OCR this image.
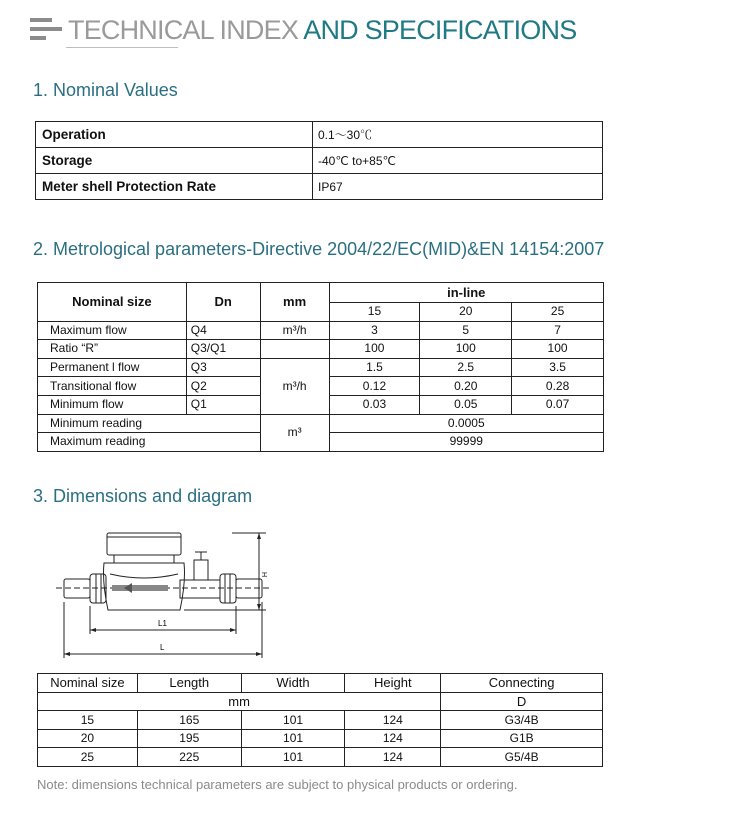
TECHNICAL INDEX AND SPECIFICATIONS
1. Nominal Values
Operation	0.1～30℃
Storage	-40℃ to+85℃
Meter shell Protection Rate	IP67
2. Metrological parameters-Directive 2004/22/EC(MID)&EN 14154:2007
Nominal size	Dn	mm	in-line		
			15	20	25
Maximum flow	Q4	m³/h	3	5	7
Ratio “R”	Q3/Q1		100	100	100
Permanent l flow	Q3	m³/h	1.5	2.5	3.5
Transitional flow	Q2		0.12	0.20	0.28
Minimum flow	Q1		0.03	0.05	0.07
Minimum reading		m³	0.0005		
Maximum reading			99999		
3. Dimensions and diagram
L1
L
H
Nominal size	Length	Width	Height	Connecting
mm				D
15	165	101	124	G3/4B
20	195	101	124	G1B
25	225	101	124	G5/4B
Note: dimensions technical parameters are subject to physical products or ordering.
